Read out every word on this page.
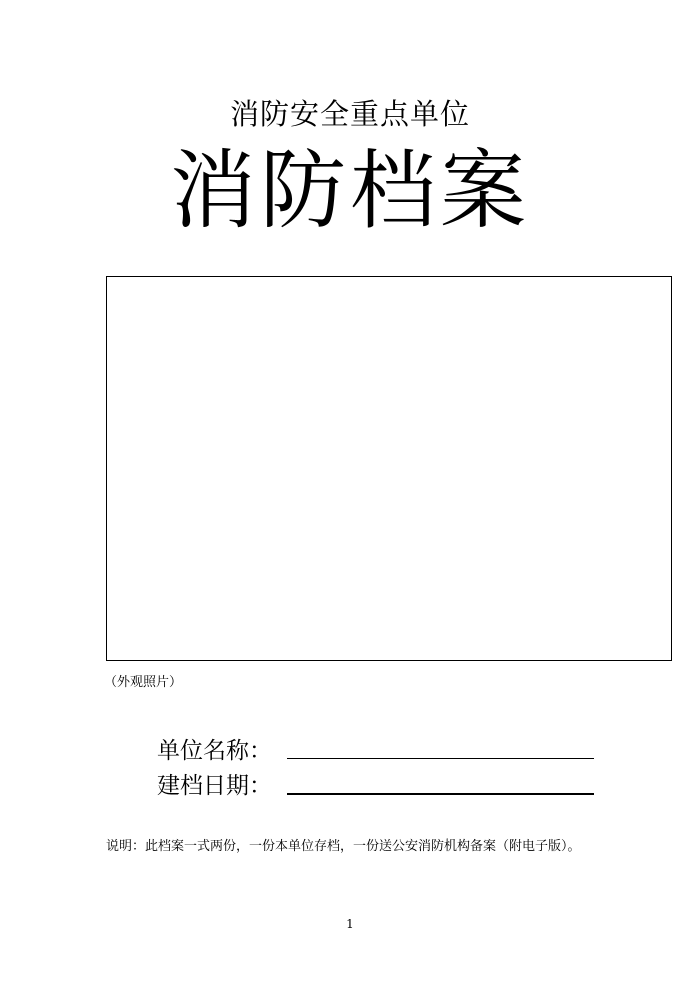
消防安全重点单位
消防档案
（外观照片）
单位名称：
建档日期：
说明：此档案一式两份，一份本单位存档，一份送公安消防机构备案（附电子版）。
1
